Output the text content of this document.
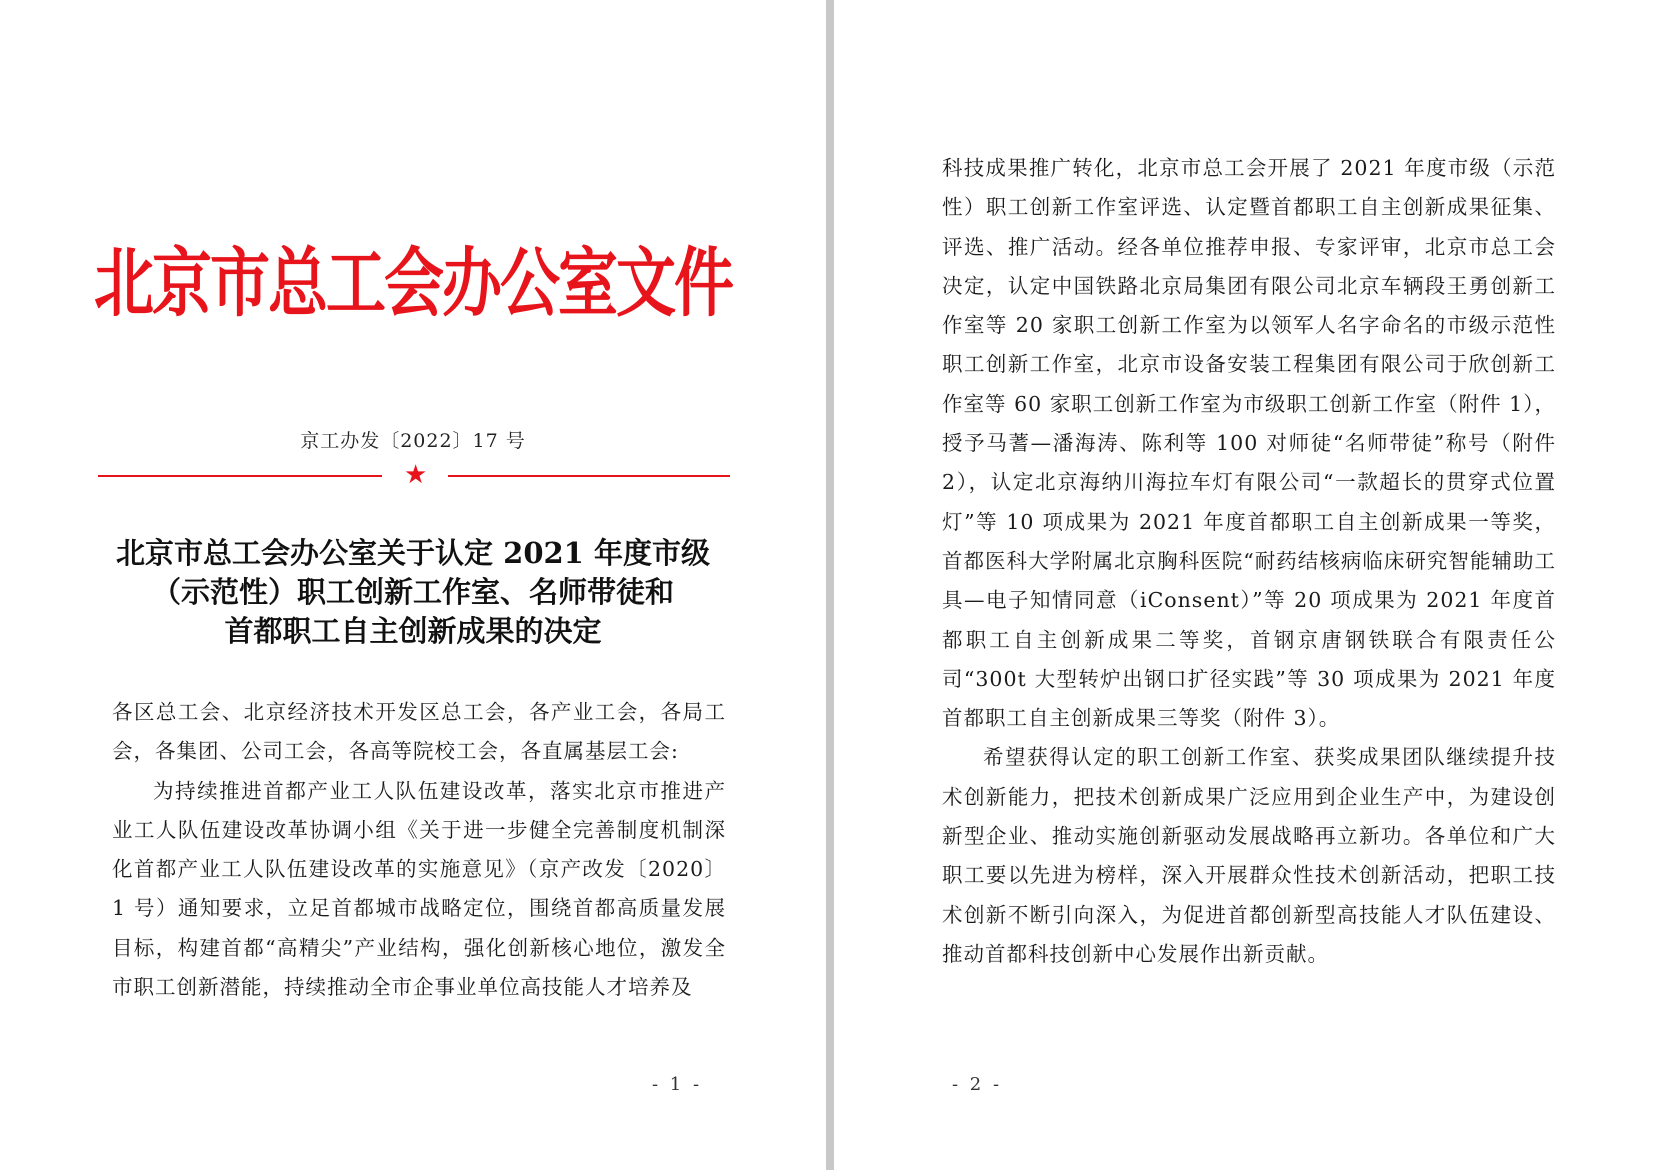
北京市总工会办公室文件
京工办发〔2022〕17 号
★
北京市总工会办公室关于认定 2021 年度市级
（示范性）职工创新工作室、名师带徒和
首都职工自主创新成果的决定

各区总工会、北京经济技术开发区总工会，各产业工会，各局工会，各集团、公司工会，各高等院校工会，各直属基层工会:

为持续推进首都产业工人队伍建设改革，落实北京市推进产业工人队伍建设改革协调小组《关于进一步健全完善制度机制深化首都产业工人队伍建设改革的实施意见》（京产改发〔2020〕1 号）通知要求，立足首都城市战略定位，围绕首都高质量发展目标，构建首都“高精尖”产业结构，强化创新核心地位，激发全市职工创新潜能，持续推动全市企事业单位高技能人才培养及

- 1 -

科技成果推广转化，北京市总工会开展了 2021 年度市级（示范性）职工创新工作室评选、认定暨首都职工自主创新成果征集、评选、推广活动。经各单位推荐申报、专家评审，北京市总工会决定，认定中国铁路北京局集团有限公司北京车辆段王勇创新工作室等 20 家职工创新工作室为以领军人名字命名的市级示范性职工创新工作室，北京市设备安装工程集团有限公司于欣创新工作室等 60 家职工创新工作室为市级职工创新工作室（附件 1），授予马蓍—潘海涛、陈利等 100 对师徒“名师带徒”称号（附件 2），认定北京海纳川海拉车灯有限公司“一款超长的贯穿式位置灯”等 10 项成果为 2021 年度首都职工自主创新成果一等奖，首都医科大学附属北京胸科医院“耐药结核病临床研究智能辅助工具—电子知情同意（iConsent）”等 20 项成果为 2021 年度首都职工自主创新成果二等奖，首钢京唐钢铁联合有限责任公司“300t 大型转炉出钢口扩径实践”等 30 项成果为 2021 年度首都职工自主创新成果三等奖（附件 3）。

希望获得认定的职工创新工作室、获奖成果团队继续提升技术创新能力，把技术创新成果广泛应用到企业生产中，为建设创新型企业、推动实施创新驱动发展战略再立新功。各单位和广大职工要以先进为榜样，深入开展群众性技术创新活动，把职工技术创新不断引向深入，为促进首都创新型高技能人才队伍建设、推动首都科技创新中心发展作出新贡献。

- 2 -
